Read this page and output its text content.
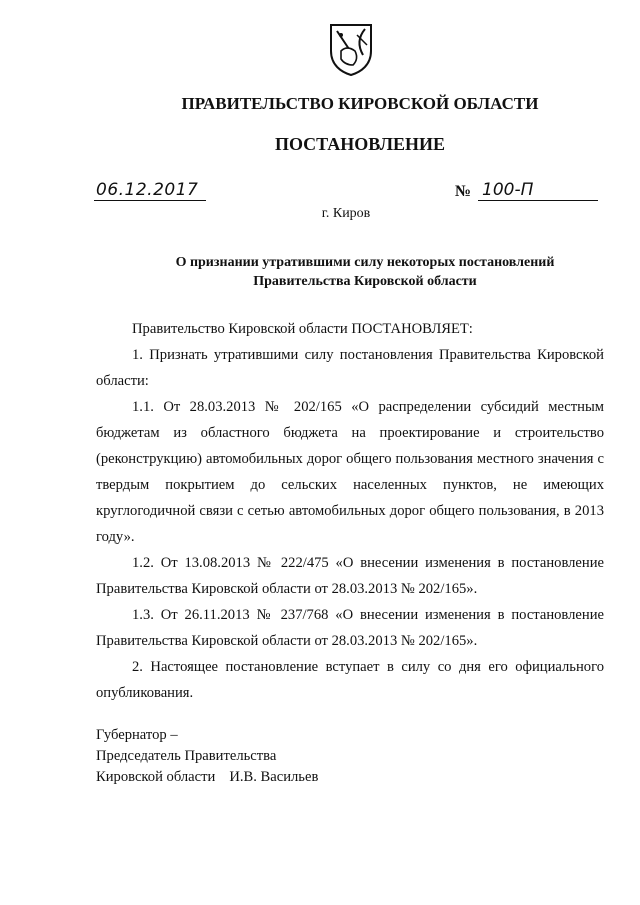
ПРАВИТЕЛЬСТВО КИРОВСКОЙ ОБЛАСТИ
ПОСТАНОВЛЕНИЕ
06.12.2017	№ 100-П
г. Киров
О признании утратившими силу некоторых постановлений
Правительства Кировской области

Правительство Кировской области ПОСТАНОВЛЯЕТ:

1. Признать утратившими силу постановления Правительства Кировской области:

1.1. От 28.03.2013 № 202/165 «О распределении субсидий местным бюджетам из областного бюджета на проектирование и строительство (реконструкцию) автомобильных дорог общего пользования местного значения с твердым покрытием до сельских населенных пунктов, не имеющих круглогодичной связи с сетью автомобильных дорог общего пользования, в 2013 году».

1.2. От 13.08.2013 № 222/475 «О внесении изменения в постановление Правительства Кировской области от 28.03.2013 № 202/165».

1.3. От 26.11.2013 № 237/768 «О внесении изменения в постановление Правительства Кировской области от 28.03.2013 № 202/165».

2. Настоящее постановление вступает в силу со дня его официального опубликования.

Губернатор –
Председатель Правительства
Кировской области И.В. Васильев
